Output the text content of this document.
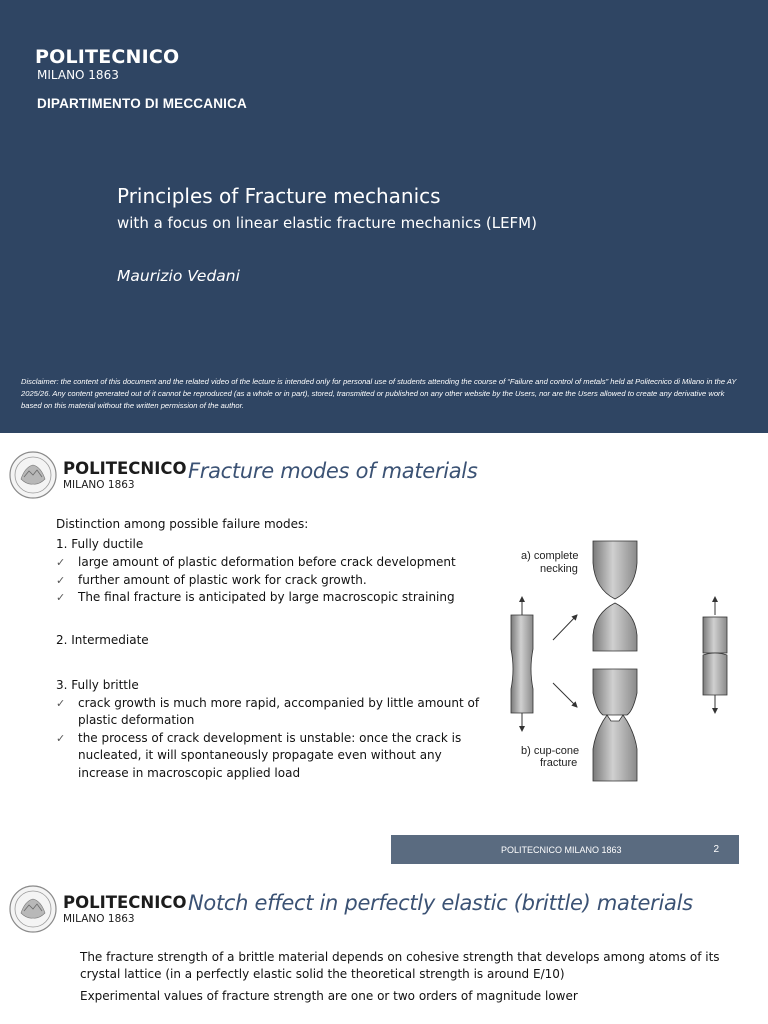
POLITECNICO
MILANO 1863
DIPARTIMENTO DI MECCANICA
Principles of Fracture mechanics
with a focus on linear elastic fracture mechanics (LEFM)
Maurizio Vedani
Disclaimer: the content of this document and the related video of the lecture is intended only for personal use of students attending the course of “Failure and control of metals” held at Politecnico di Milano in the AY 2025/26. Any content generated out of it cannot be reproduced (as a whole or in part), stored, transmitted or published on any other website by the Users, nor are the Users allowed to create any derivative work based on this material without the written permission of the author.
POLITECNICO
MILANO 1863
Fracture modes of materials

Distinction among possible failure modes:

1. Fully ductile

✓ large amount of plastic deformation before crack development
✓ further amount of plastic work for crack growth.
✓ The final fracture is anticipated by large macroscopic straining

2. Intermediate

3. Fully brittle

✓ crack growth is much more rapid, accompanied by little amount of plastic deformation
✓ the process of crack development is unstable: once the crack is nucleated, it will spontaneously propagate even without any increase in macroscopic applied load
a) complete
necking
b) cup-cone
fracture
POLITECNICO MILANO 1863	2
POLITECNICO
MILANO 1863
Notch effect in perfectly elastic (brittle) materials

The fracture strength of a brittle material depends on cohesive strength that develops among atoms of its crystal lattice (in a perfectly elastic solid the theoretical strength is around E/10)

Experimental values of fracture strength are one or two orders of magnitude lower
